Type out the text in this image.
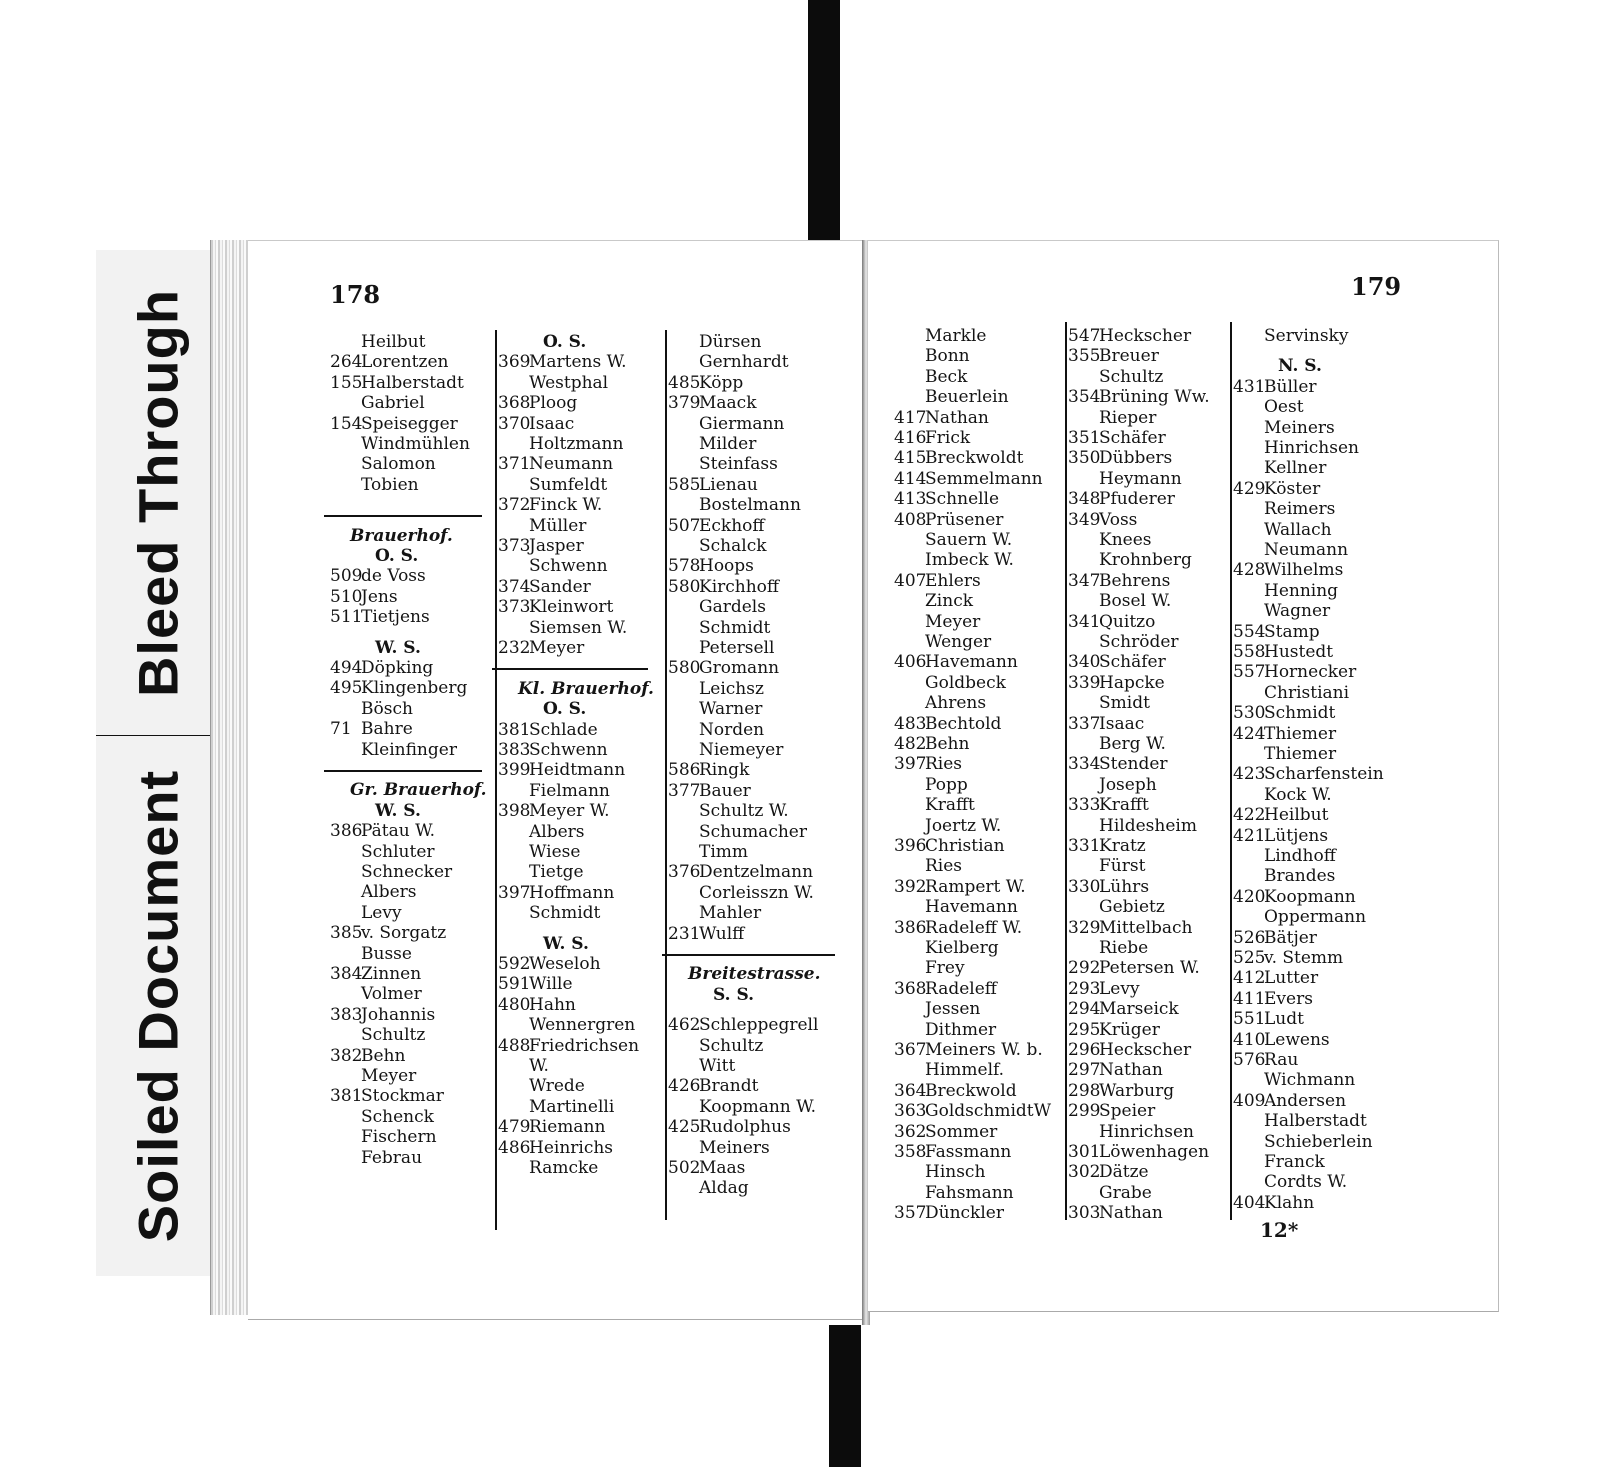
Bleed Through
Soiled Document
178	179
12*
Heilbut
264Lorentzen
155Halberstadt
Gabriel
154Speisegger
Windmühlen
Salomon
Tobien
Brauerhof.
O. S.
509de Voss
510Jens
511Tietjens
W. S.
494Döpking
495Klingenberg
Bösch
71 Bahre
Kleinfinger
Gr. Brauerhof.
W. S.
386Pätau W.
Schluter
Schnecker
Albers
Levy
385v. Sorgatz
Busse
384Zinnen
Volmer
383Johannis
Schultz
382Behn
Meyer
381Stockmar
Schenck
Fischern
Febrau
O. S.
369Martens W.
Westphal
368Ploog
370Isaac
Holtzmann
371Neumann
Sumfeldt
372Finck W.
Müller
373Jasper
Schwenn
374Sander
373Kleinwort
Siemsen W.
232Meyer
Kl. Brauerhof.
O. S.
381Schlade
383Schwenn
399Heidtmann
Fielmann
398Meyer W.
Albers
Wiese
Tietge
397Hoffmann
Schmidt
W. S.
592Weseloh
591Wille
480Hahn
Wennergren
488Friedrichsen
W.
Wrede
Martinelli
479Riemann
486Heinrichs
Ramcke
Dürsen
Gernhardt
485Köpp
379Maack
Giermann
Milder
Steinfass
585Lienau
Bostelmann
507Eckhoff
Schalck
578Hoops
580Kirchhoff
Gardels
Schmidt
Petersell
580Gromann
Leichsz
Warner
Norden
Niemeyer
586Ringk
377Bauer
Schultz W.
Schumacher
Timm
376Dentzelmann
Corleisszn W.
Mahler
231Wulff
Breitestrasse.
S. S.
462Schleppegrell
Schultz
Witt
426Brandt
Koopmann W.
425Rudolphus
Meiners
502Maas
Aldag
Markle
Bonn
Beck
Beuerlein
417Nathan
416Frick
415Breckwoldt
414Semmelmann
413Schnelle
408Prüsener
Sauern W.
Imbeck W.
407Ehlers
Zinck
Meyer
Wenger
406Havemann
Goldbeck
Ahrens
483Bechtold
482Behn
397Ries
Popp
Krafft
Joertz W.
396Christian
Ries
392Rampert W.
Havemann
386Radeleff W.
Kielberg
Frey
368Radeleff
Jessen
Dithmer
367Meiners W. b.
Himmelf.
364Breckwold
363GoldschmidtW
362Sommer
358Fassmann
Hinsch
Fahsmann
357Dünckler
547Heckscher
355Breuer
Schultz
354Brüning Ww.
Rieper
351Schäfer
350Dübbers
Heymann
348Pfuderer
349Voss
Knees
Krohnberg
347Behrens
Bosel W.
341Quitzo
Schröder
340Schäfer
339Hapcke
Smidt
337Isaac
Berg W.
334Stender
Joseph
333Krafft
Hildesheim
331Kratz
Fürst
330Lührs
Gebietz
329Mittelbach
Riebe
292Petersen W.
293Levy
294Marseick
295Krüger
296Heckscher
297Nathan
298Warburg
299Speier
Hinrichsen
301Löwenhagen
302Dätze
Grabe
303Nathan
Servinsky
N. S.
431Büller
Oest
Meiners
Hinrichsen
Kellner
429Köster
Reimers
Wallach
Neumann
428Wilhelms
Henning
Wagner
554Stamp
558Hustedt
557Hornecker
Christiani
530Schmidt
424Thiemer
Thiemer
423Scharfenstein
Kock W.
422Heilbut
421Lütjens
Lindhoff
Brandes
420Koopmann
Oppermann
526Bätjer
525v. Stemm
412Lutter
411Evers
551Ludt
410Lewens
576Rau
Wichmann
409Andersen
Halberstadt
Schieberlein
Franck
Cordts W.
404Klahn
